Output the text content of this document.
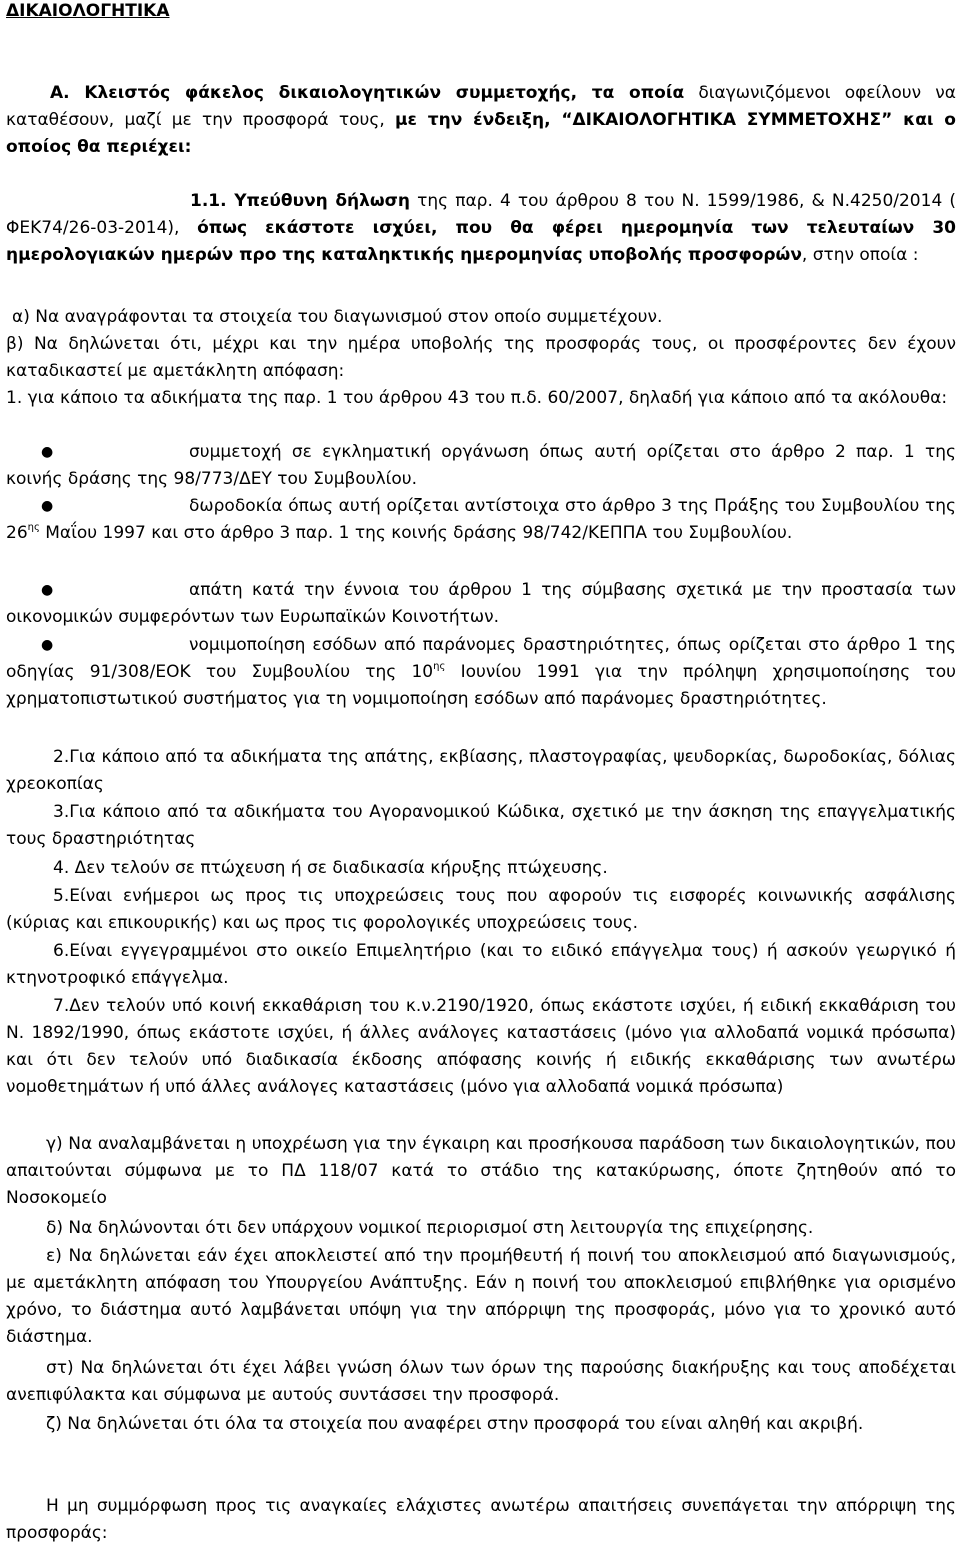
ΔΙΚΑΙΟΛΟΓΗΤΙΚΑ
Α. Κλειστός φάκελος δικαιολογητικών συμμετοχής, τα οποία διαγωνιζόμενοι οφείλουν να καταθέσουν, μαζί με την προσφορά τους, με την ένδειξη, “ΔΙΚΑΙΟΛΟΓΗΤΙΚΑ ΣΥΜΜΕΤΟΧΗΣ” και ο οποίος θα περιέχει:
1.1. Υπεύθυνη δήλωση της παρ. 4 του άρθρου 8 του Ν. 1599/1986, & Ν.4250/2014 ( ΦΕΚ74/26-03-2014), όπως εκάστοτε ισχύει, που θα φέρει ημερομηνία των τελευταίων 30 ημερολογιακών ημερών προ της καταληκτικής ημερομηνίας υποβολής προσφορών, στην οποία :
α) Να αναγράφονται τα στοιχεία του διαγωνισμού στον οποίο συμμετέχουν.
β) Να δηλώνεται ότι, μέχρι και την ημέρα υποβολής της προσφοράς τους, οι προσφέροντες δεν έχουν καταδικαστεί με αμετάκλητη απόφαση:
1. για κάποιο τα αδικήματα της παρ. 1 του άρθρου 43 του π.δ. 60/2007, δηλαδή για κάποιο από τα ακόλουθα:
●	συμμετοχή σε εγκληματική οργάνωση όπως αυτή ορίζεται στο άρθρο 2 παρ. 1 της κοινής δράσης της 98/773/ΔΕΥ του Συμβουλίου.
●	δωροδοκία όπως αυτή ορίζεται αντίστοιχα στο άρθρο 3 της Πράξης του Συμβουλίου της $26^{\eta\varsigma}$ Μαΐου 1997 και στο άρθρο 3 παρ. 1 της κοινής δράσης 98/742/ΚΕΠΠΑ του Συμβουλίου.
●	απάτη κατά την έννοια του άρθρου 1 της σύμβασης σχετικά με την προστασία των οικονομικών συμφερόντων των Ευρωπαϊκών Κοινοτήτων.
●	νομιμοποίηση εσόδων από παράνομες δραστηριότητες, όπως ορίζεται στο άρθρο 1 της οδηγίας 91/308/ΕΟΚ του Συμβουλίου της $10^{\eta\varsigma}$ Ιουνίου 1991 για την πρόληψη χρησιμοποίησης του χρηματοπιστωτικού συστήματος για τη νομιμοποίηση εσόδων από παράνομες δραστηριότητες.
2.Για κάποιο από τα αδικήματα της απάτης, εκβίασης, πλαστογραφίας, ψευδορκίας, δωροδοκίας, δόλιας χρεοκοπίας
3.Για κάποιο από τα αδικήματα του Αγορανομικού Κώδικα, σχετικό με την άσκηση της επαγγελματικής τους δραστηριότητας
4. Δεν τελούν σε πτώχευση ή σε διαδικασία κήρυξης πτώχευσης.
5.Είναι ενήμεροι ως προς τις υποχρεώσεις τους που αφορούν τις εισφορές κοινωνικής ασφάλισης (κύριας και επικουρικής) και ως προς τις φορολογικές υποχρεώσεις τους.
6.Είναι εγγεγραμμένοι στο οικείο Επιμελητήριο (και το ειδικό επάγγελμα τους) ή ασκούν γεωργικό ή κτηνοτροφικό επάγγελμα.
7.Δεν τελούν υπό κοινή εκκαθάριση του κ.ν.2190/1920, όπως εκάστοτε ισχύει, ή ειδική εκκαθάριση του Ν. 1892/1990, όπως εκάστοτε ισχύει, ή άλλες ανάλογες καταστάσεις (μόνο για αλλοδαπά νομικά πρόσωπα) και ότι δεν τελούν υπό διαδικασία έκδοσης απόφασης κοινής ή ειδικής εκκαθάρισης των ανωτέρω νομοθετημάτων ή υπό άλλες ανάλογες καταστάσεις (μόνο για αλλοδαπά νομικά πρόσωπα)
γ) Να αναλαμβάνεται η υποχρέωση για την έγκαιρη και προσήκουσα παράδοση των δικαιολογητικών, που απαιτούνται σύμφωνα με το ΠΔ 118/07 κατά το στάδιο της κατακύρωσης, όποτε ζητηθούν από το Νοσοκομείο
δ) Να δηλώνονται ότι δεν υπάρχουν νομικοί περιορισμοί στη λειτουργία της επιχείρησης.
ε) Να δηλώνεται εάν έχει αποκλειστεί από την προμήθευτή ή ποινή του αποκλεισμού από διαγωνισμούς, με αμετάκλητη απόφαση του Υπουργείου Ανάπτυξης. Εάν η ποινή του αποκλεισμού επιβλήθηκε για ορισμένο χρόνο, το διάστημα αυτό λαμβάνεται υπόψη για την απόρριψη της προσφοράς, μόνο για το χρονικό αυτό διάστημα.
στ) Να δηλώνεται ότι έχει λάβει γνώση όλων των όρων της παρούσης διακήρυξης και τους αποδέχεται ανεπιφύλακτα και σύμφωνα με αυτούς συντάσσει την προσφορά.
ζ) Να δηλώνεται ότι όλα τα στοιχεία που αναφέρει στην προσφορά του είναι αληθή και ακριβή.
Η μη συμμόρφωση προς τις αναγκαίες ελάχιστες ανωτέρω απαιτήσεις συνεπάγεται την απόρριψη της προσφοράς:
